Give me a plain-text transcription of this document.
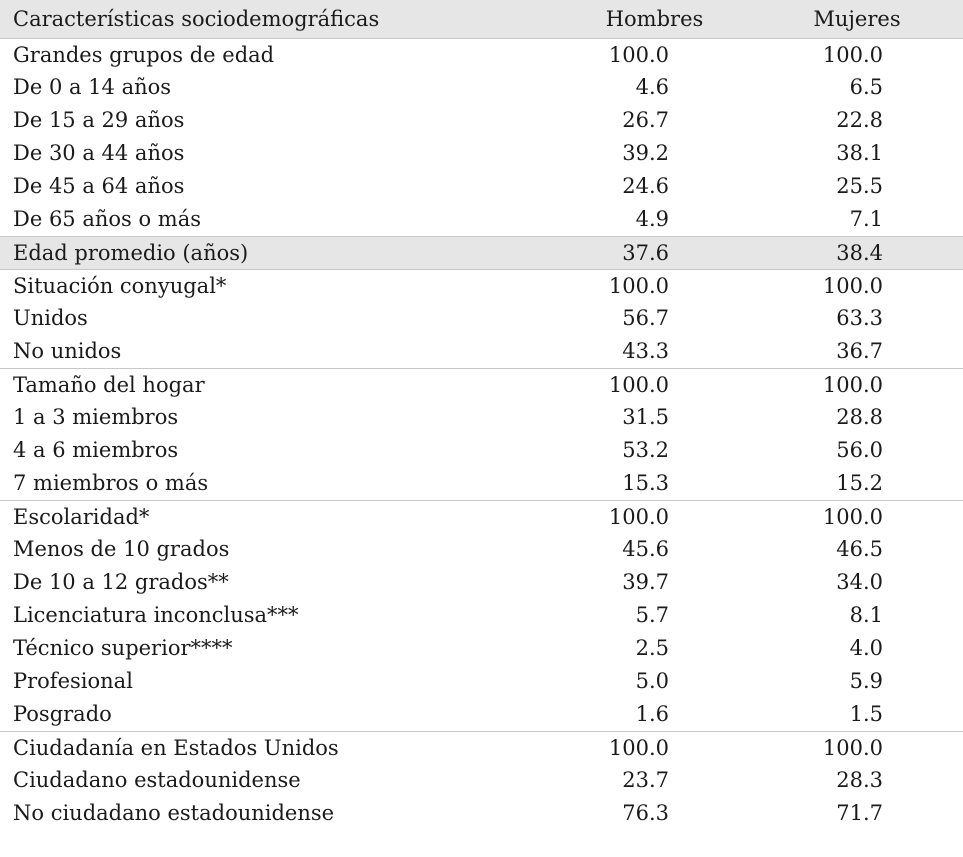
Características sociodemográficas	Hombres	Mujeres
Grandes grupos de edad	100.0	100.0
De 0 a 14 años	4.6	6.5
De 15 a 29 años	26.7	22.8
De 30 a 44 años	39.2	38.1
De 45 a 64 años	24.6	25.5
De 65 años o más	4.9	7.1
Edad promedio (años)	37.6	38.4
Situación conyugal*	100.0	100.0
Unidos	56.7	63.3
No unidos	43.3	36.7
Tamaño del hogar	100.0	100.0
1 a 3 miembros	31.5	28.8
4 a 6 miembros	53.2	56.0
7 miembros o más	15.3	15.2
Escolaridad*	100.0	100.0
Menos de 10 grados	45.6	46.5
De 10 a 12 grados**	39.7	34.0
Licenciatura inconclusa***	5.7	8.1
Técnico superior****	2.5	4.0
Profesional	5.0	5.9
Posgrado	1.6	1.5
Ciudadanía en Estados Unidos	100.0	100.0
Ciudadano estadounidense	23.7	28.3
No ciudadano estadounidense	76.3	71.7
